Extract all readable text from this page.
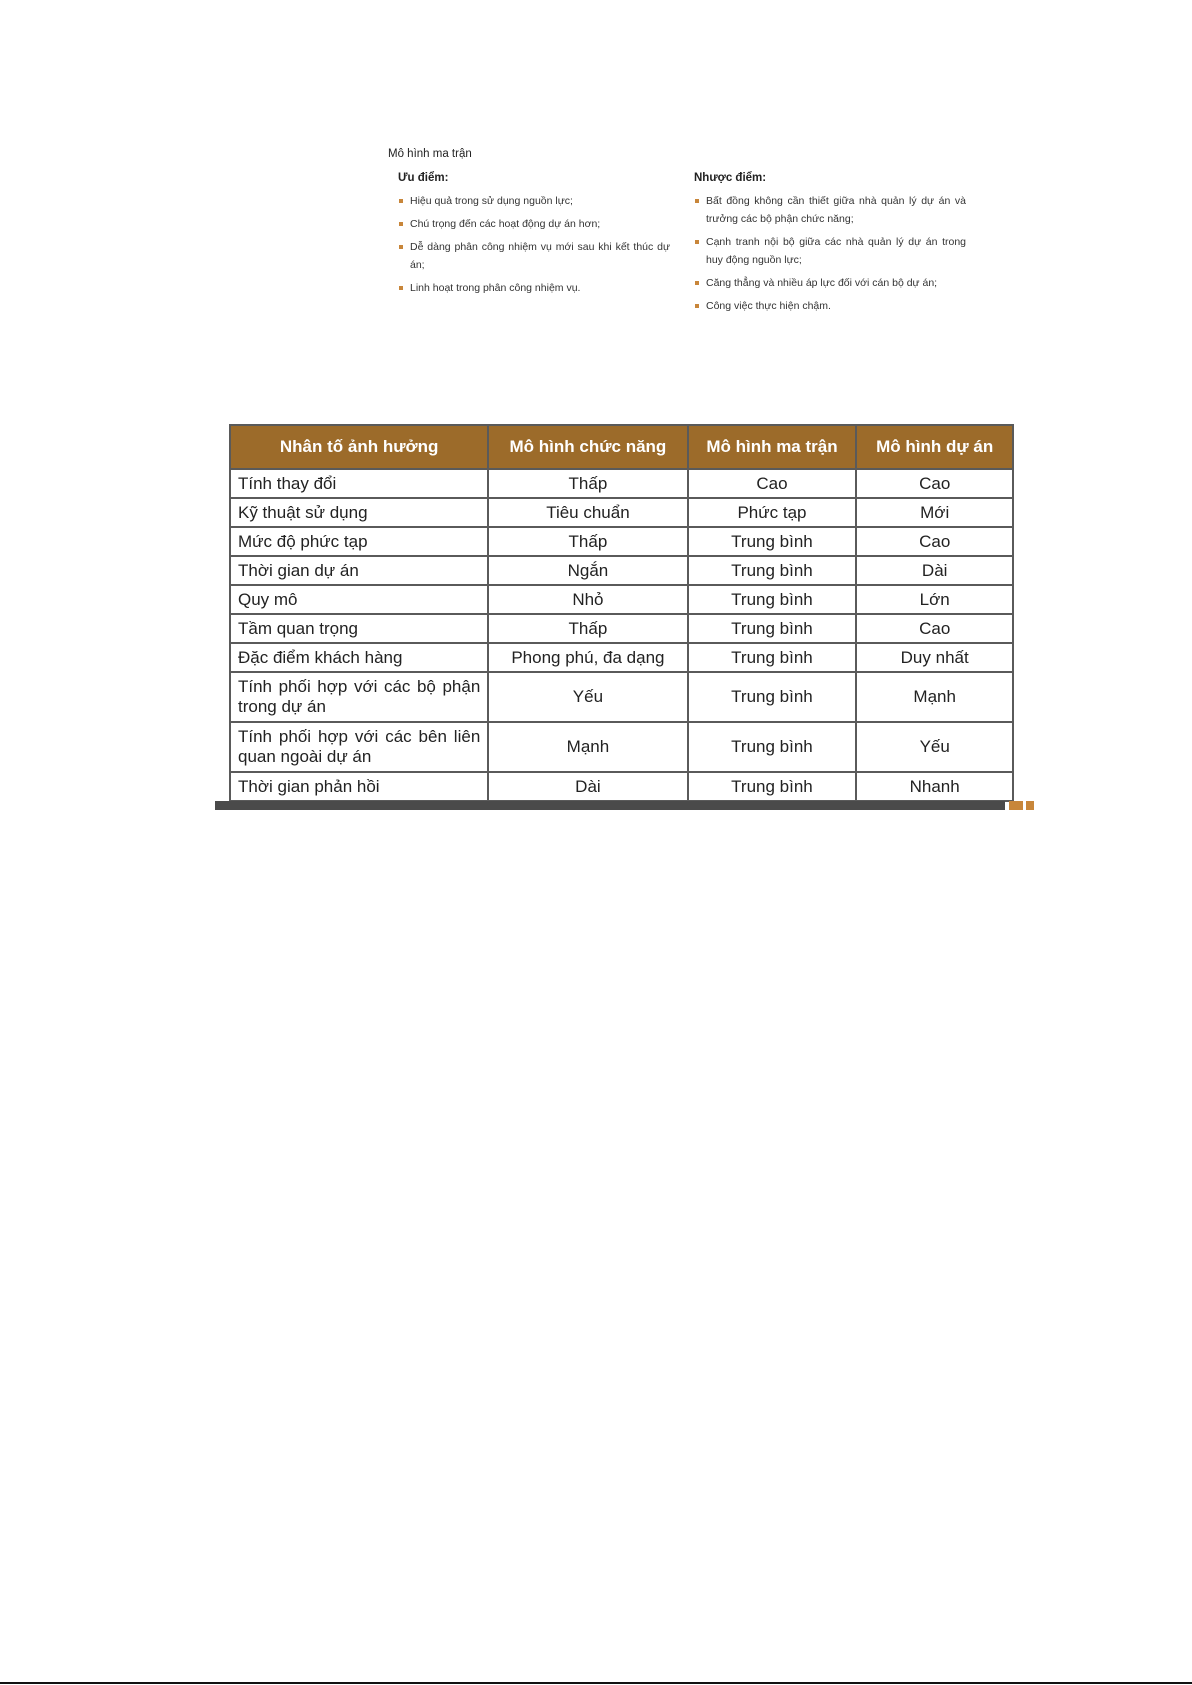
Mô hình ma trận
Ưu điểm:
Hiệu quả trong sử dụng nguồn lực;
Chú trọng đến các hoạt động dự án hơn;
Dễ dàng phân công nhiệm vụ mới sau khi kết thúc dự án;
Linh hoạt trong phân công nhiệm vụ.
Nhược điểm:
Bất đồng không cần thiết giữa nhà quản lý dự án và trưởng các bộ phận chức năng;
Cạnh tranh nội bộ giữa các nhà quản lý dự án trong huy động nguồn lực;
Căng thẳng và nhiều áp lực đối với cán bộ dự án;
Công việc thực hiện chậm.
Nhân tố ảnh hưởng	Mô hình chức năng	Mô hình ma trận	Mô hình dự án
Tính thay đổi	Thấp	Cao	Cao
Kỹ thuật sử dụng	Tiêu chuẩn	Phức tạp	Mới
Mức độ phức tạp	Thấp	Trung bình	Cao
Thời gian dự án	Ngắn	Trung bình	Dài
Quy mô	Nhỏ	Trung bình	Lớn
Tầm quan trọng	Thấp	Trung bình	Cao
Đặc điểm khách hàng	Phong phú, đa dạng	Trung bình	Duy nhất
Tính phối hợp với các bộ phận trong dự án	Yếu	Trung bình	Mạnh
Tính phối hợp với các bên liên quan ngoài dự án	Mạnh	Trung bình	Yếu
Thời gian phản hồi	Dài	Trung bình	Nhanh
